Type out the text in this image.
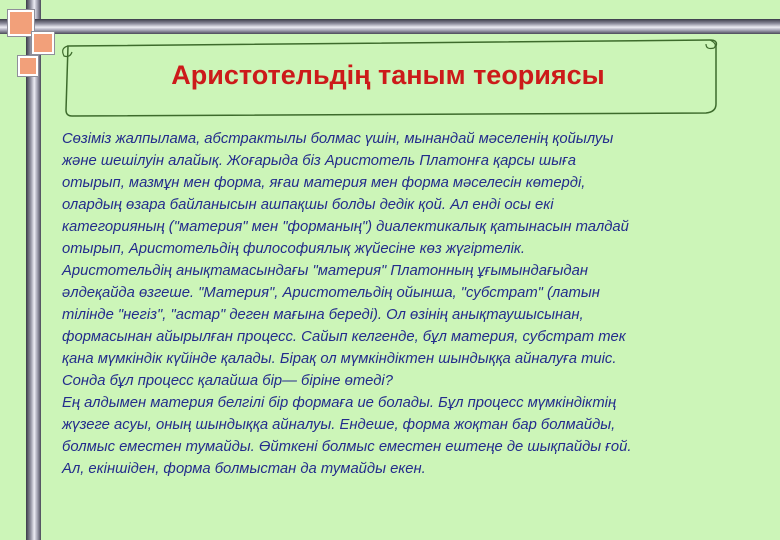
Аристотельдің таным теориясы
Сөзіміз жалпылама, абстрактылы болмас үшін, мынандай мәселенің қойылуы
және шешілуін алайық. Жоғарыда біз Аристотель Платонға қарсы шыға
отырып, мазмұн мен форма, яғаи материя мен форма мәселесін көтерді,
олардың өзара байланысын ашпақшы болды дедік қой. Ал енді осы екі
категорияның ("материя" мен "форманың") диалектикалық қатынасын талдай
отырып, Аристотельдің философиялық жүйесіне көз жүгіртелік.
Аристотельдің анықтамасындағы "материя" Платонның ұғымындағыдан
әлдеқайда өзгеше. "Материя", Аристотельдің ойынша, "субстрат" (латын
тілінде "негіз", "астар" деген мағына береді). Ол өзінің анықтаушысынан,
формасынан айырылған процесс. Сайып келгенде, бұл материя, субстрат тек
қана мүмкіндік күйінде қалады. Бірақ ол мүмкіндіктен шындыққа айналуға тиіс.
Сонда бұл процесс қалайша бір— біріне өтеді?
Ең алдымен материя белгілі бір формаға ие болады. Бұл процесс мүмкіндіктің
жүзеге асуы, оның шындыққа айналуы. Ендеше, форма жоқтан бар болмайды,
болмыс еместен тумайды. Өйткені болмыс еместен ештеңе де шықпайды ғой.
Ал, екіншіден, форма болмыстан да тумайды екен.
